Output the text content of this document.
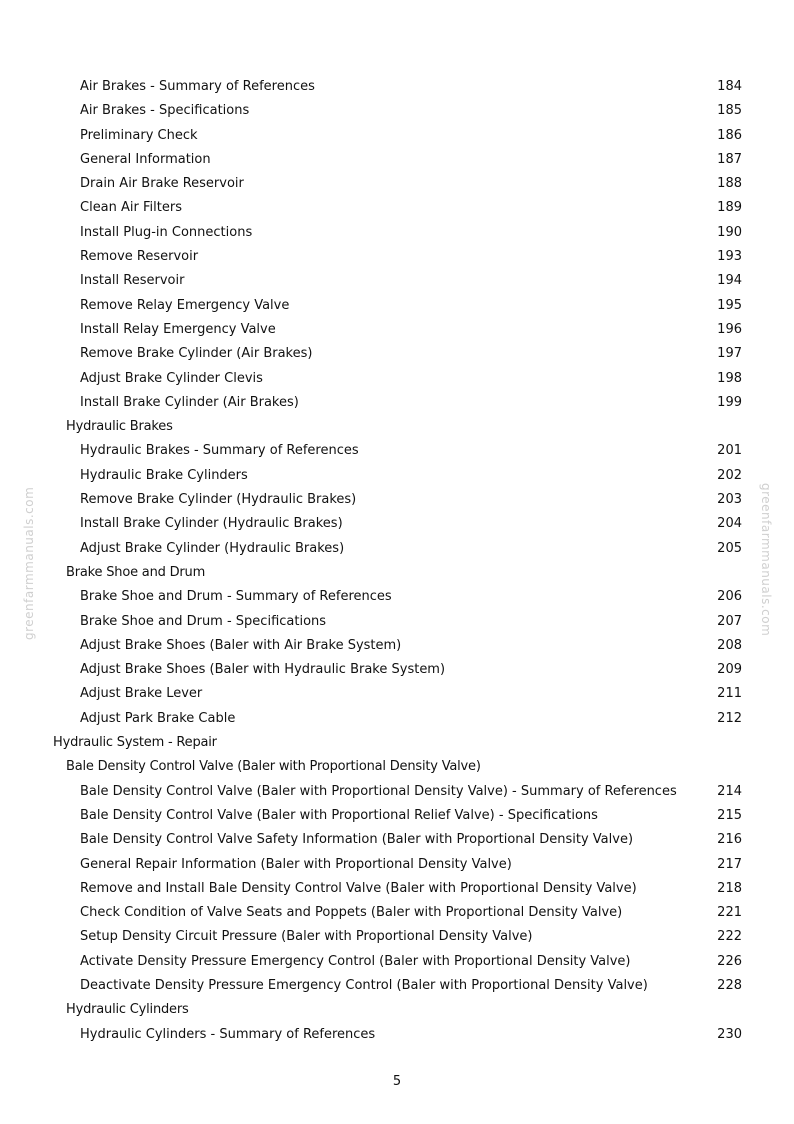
Air Brakes - Summary of References	184
Air Brakes - Specifications	185
Preliminary Check	186
General Information	187
Drain Air Brake Reservoir	188
Clean Air Filters	189
Install Plug-in Connections	190
Remove Reservoir	193
Install Reservoir	194
Remove Relay Emergency Valve	195
Install Relay Emergency Valve	196
Remove Brake Cylinder (Air Brakes)	197
Adjust Brake Cylinder Clevis	198
Install Brake Cylinder (Air Brakes)	199
Hydraulic Brakes
Hydraulic Brakes - Summary of References	201
Hydraulic Brake Cylinders	202
Remove Brake Cylinder (Hydraulic Brakes)	203
Install Brake Cylinder (Hydraulic Brakes)	204
Adjust Brake Cylinder (Hydraulic Brakes)	205
Brake Shoe and Drum
Brake Shoe and Drum - Summary of References	206
Brake Shoe and Drum - Specifications	207
Adjust Brake Shoes (Baler with Air Brake System)	208
Adjust Brake Shoes (Baler with Hydraulic Brake System)	209
Adjust Brake Lever	211
Adjust Park Brake Cable	212
Hydraulic System - Repair
Bale Density Control Valve (Baler with Proportional Density Valve)
Bale Density Control Valve (Baler with Proportional Density Valve) - Summary of References	214
Bale Density Control Valve (Baler with Proportional Relief Valve) - Specifications	215
Bale Density Control Valve Safety Information (Baler with Proportional Density Valve)	216
General Repair Information (Baler with Proportional Density Valve)	217
Remove and Install Bale Density Control Valve (Baler with Proportional Density Valve)	218
Check Condition of Valve Seats and Poppets (Baler with Proportional Density Valve)	221
Setup Density Circuit Pressure (Baler with Proportional Density Valve)	222
Activate Density Pressure Emergency Control (Baler with Proportional Density Valve)	226
Deactivate Density Pressure Emergency Control (Baler with Proportional Density Valve)	228
Hydraulic Cylinders
Hydraulic Cylinders - Summary of References	230
greenfarmmanuals.com	greenfarmmanuals.com
5
